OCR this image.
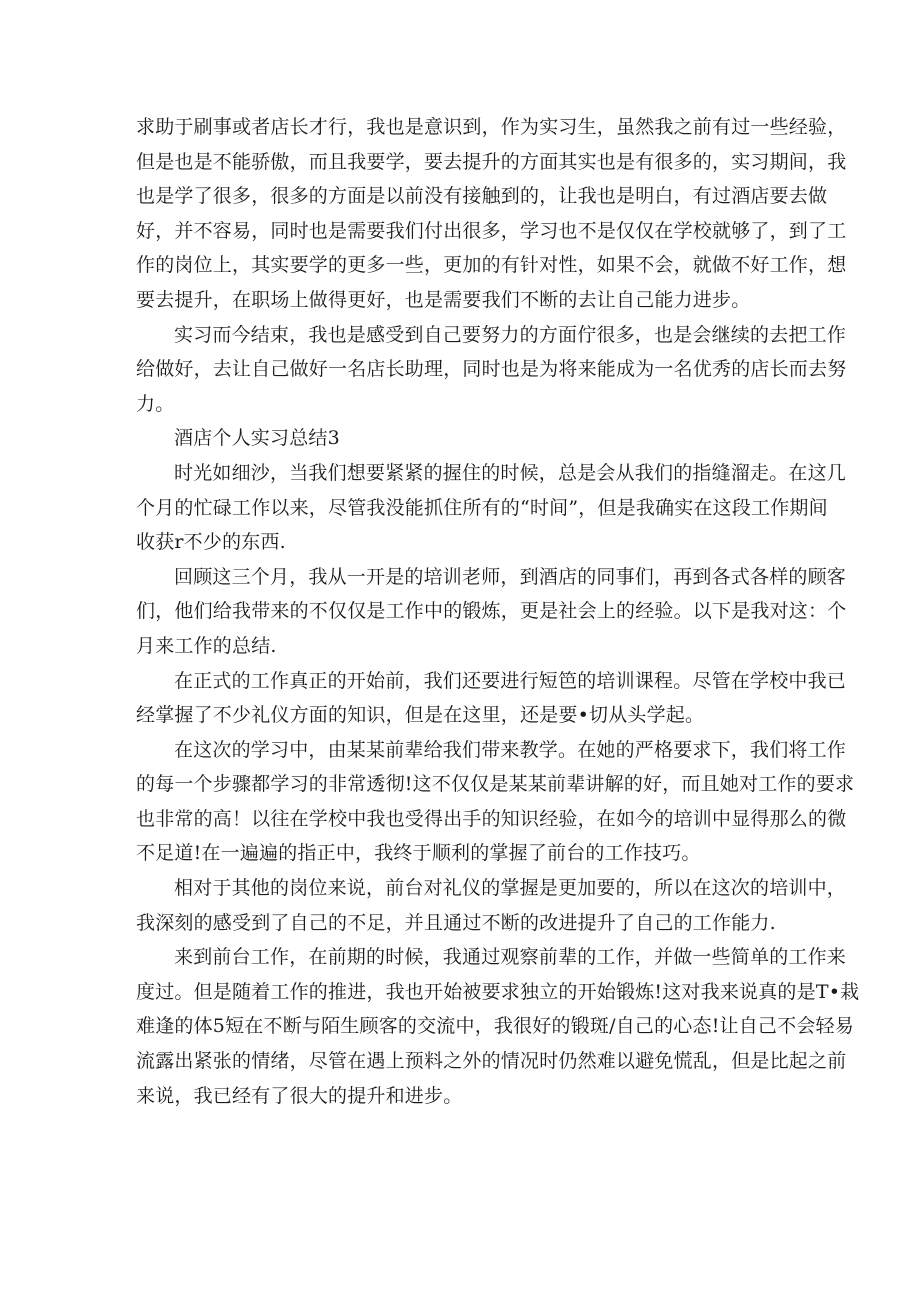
求助于刷事或者店长才行，我也是意识到，作为实习生，虽然我之前有过一些经验，
但是也是不能骄傲，而且我要学，要去提升的方面其实也是有很多的，实习期间，我
也是学了很多，很多的方面是以前没有接触到的，让我也是明白，有过酒店要去做
好，并不容易，同时也是需要我们付出很多，学习也不是仅仅在学校就够了，到了工
作的岗位上，其实要学的更多一些，更加的有针对性，如果不会，就做不好工作，想
要去提升，在职场上做得更好，也是需要我们不断的去让自己能力进步。
实习而今结束，我也是感受到自己要努力的方面佇很多，也是会继续的去把工作
给做好，去让自己做好一名店长助理，同时也是为将来能成为一名优秀的店长而去努
力。
酒店个人实习总结3
时光如细沙，当我们想要紧紧的握住的时候，总是会从我们的指缝溜走。在这几
个月的忙碌工作以来，尽管我没能抓住所有的“时间”，但是我确实在这段工作期间
收获r不少的东西.
回顾这三个月，我从一开是的培训老师，到酒店的同事们，再到各式各样的顾客
们，他们给我带来的不仅仅是工作中的锻炼，更是社会上的经验。以下是我对这：个
月来工作的总结.
在正式的工作真正的开始前，我们还要进行短笆的培训课程。尽管在学校中我已
经掌握了不少礼仪方面的知识，但是在这里，还是要•切从头学起。
在这次的学习中，由某某前辈给我们带来教学。在她的严格要求下，我们将工作
的每一个步骤都学习的非常透彻!这不仅仅是某某前辈讲解的好，而且她对工作的要求
也非常的高！以往在学校中我也受得出手的知识经验，在如今的培训中显得那么的微
不足道!在一遍遍的指正中，我终于顺利的掌握了前台的工作技巧。
相对于其他的岗位来说，前台对礼仪的掌握是更加要的，所以在这次的培训中，
我深刻的感受到了自己的不足，并且通过不断的改进提升了自己的工作能力.
来到前台工作，在前期的时候，我通过观察前辈的工作，并做一些简单的工作来
度过。但是随着工作的推进，我也开始被要求独立的开始锻炼!这对我来说真的是T•栽
难逢的体5短在不断与陌生顾客的交流中，我很好的锻斑/自己的心态!让自己不会轻易
流露出紧张的情绪，尽管在遇上预料之外的情况时仍然难以避免慌乱，但是比起之前
来说，我已经有了很大的提升和进步。
